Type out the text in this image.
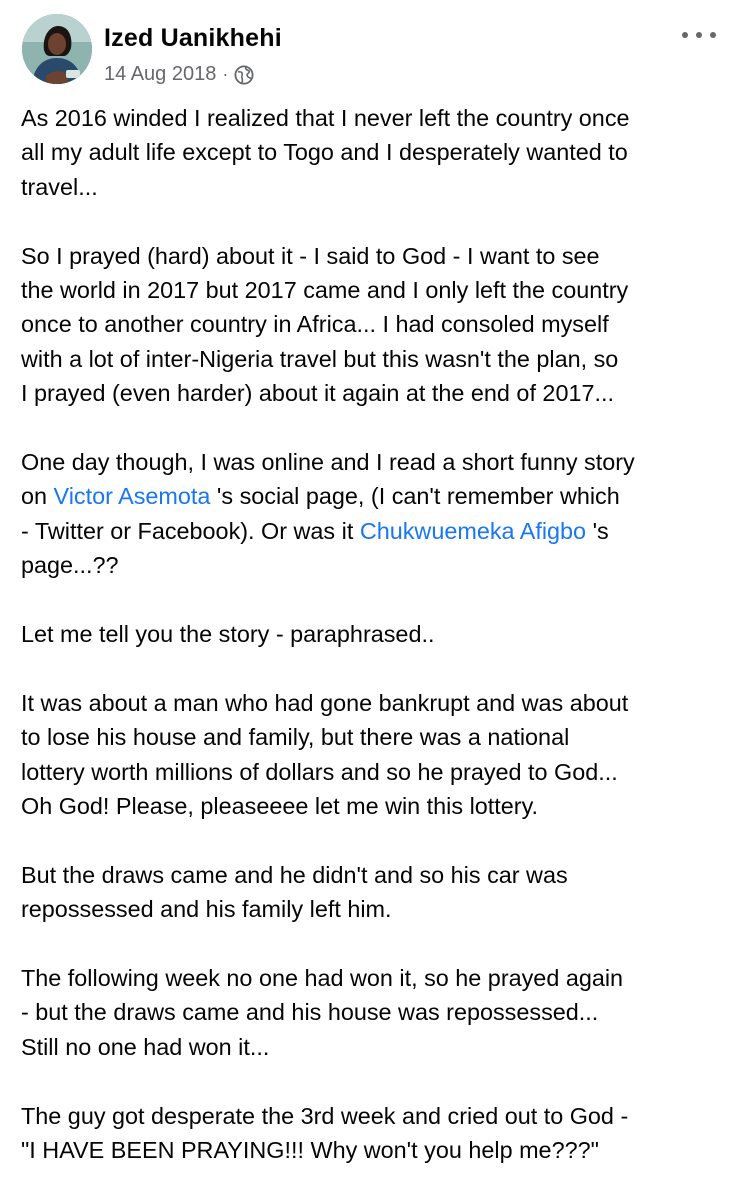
Ized Uanikhehi
14 Aug 2018 ·

As 2016 winded I realized that I never left the country once
all my adult life except to Togo and I desperately wanted to
travel...

So I prayed (hard) about it - I said to God - I want to see
the world in 2017 but 2017 came and I only left the country
once to another country in Africa... I had consoled myself
with a lot of inter-Nigeria travel but this wasn't the plan, so
I prayed (even harder) about it again at the end of 2017...

One day though, I was online and I read a short funny story
on Victor Asemota 's social page, (I can't remember which
- Twitter or Facebook). Or was it Chukwuemeka Afigbo 's
page...??

Let me tell you the story - paraphrased..

It was about a man who had gone bankrupt and was about
to lose his house and family, but there was a national
lottery worth millions of dollars and so he prayed to God...
Oh God! Please, pleaseeee let me win this lottery.

But the draws came and he didn't and so his car was
repossessed and his family left him.

The following week no one had won it, so he prayed again
- but the draws came and his house was repossessed...
Still no one had won it...

The guy got desperate the 3rd week and cried out to God -
"I HAVE BEEN PRAYING!!! Why won't you help me???"
